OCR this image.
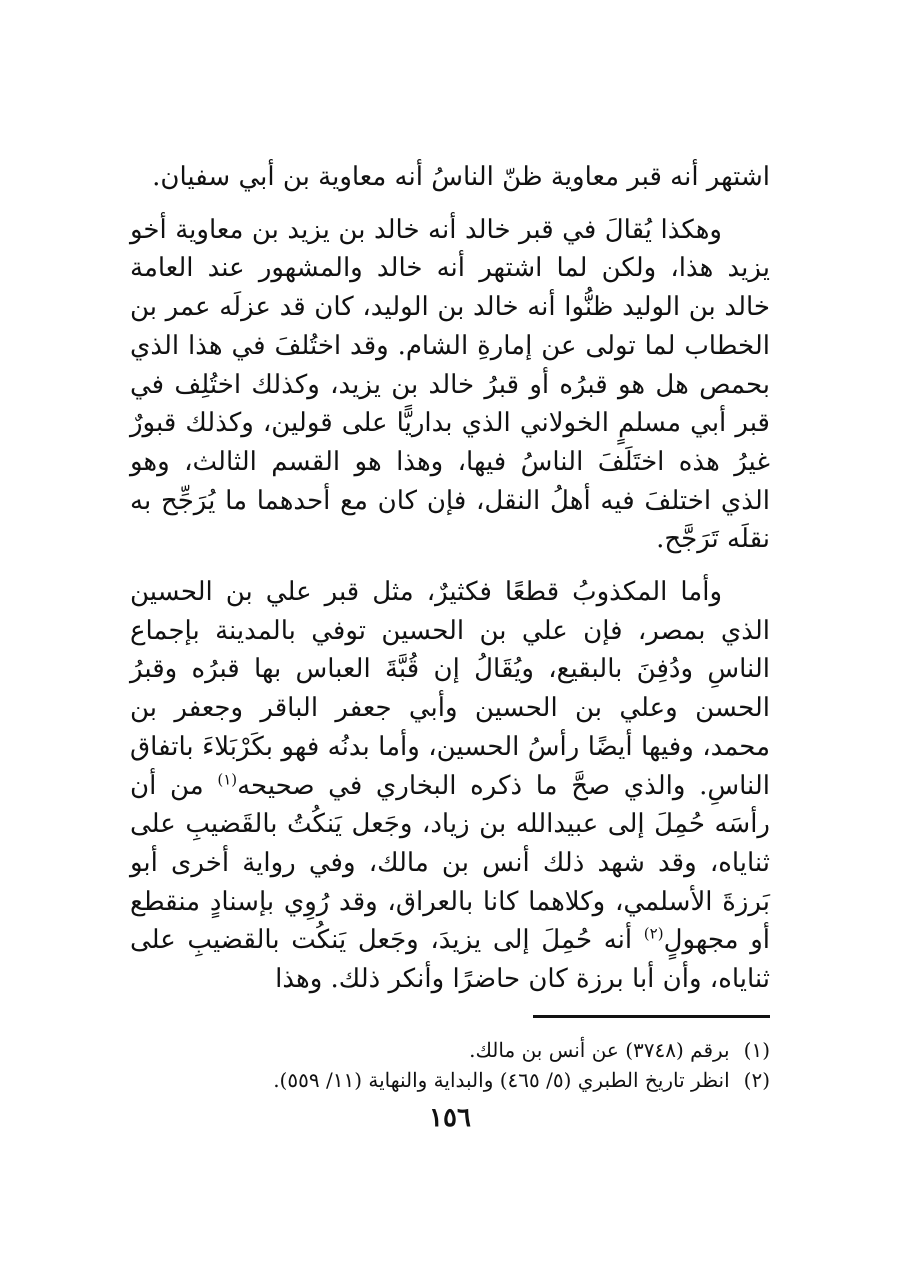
اشتهر أنه قبر معاوية ظنّ الناسُ أنه معاوية بن أبي سفيان.

وهكذا يُقالَ في قبر خالد أنه خالد بن يزيد بن معاوية أخو يزيد هذا، ولكن لما اشتهر أنه خالد والمشهور عند العامة خالد بن الوليد ظنُّوا أنه خالد بن الوليد، كان قد عزلَه عمر بن الخطاب لما تولى عن إمارةِ الشام. وقد اختُلفَ في هذا الذي بحمص هل هو قبرُه أو قبرُ خالد بن يزيد، وكذلك اختُلِف في قبر أبي مسلمٍ الخولاني الذي بداريًّا على قولين، وكذلك قبورٌ غيرُ هذه اختَلَفَ الناسُ فيها، وهذا هو القسم الثالث، وهو الذي اختلفَ فيه أهلُ النقل، فإن كان مع أحدهما ما يُرَجِّح به نقلَه تَرَجَّح.

وأما المكذوبُ قطعًا فكثيرٌ، مثل قبر علي بن الحسين الذي بمصر، فإن علي بن الحسين توفي بالمدينة بإجماع الناسِ ودُفِنَ بالبقيع، ويُقَالُ إن قُبَّةَ العباس بها قبرُه وقبرُ الحسن وعلي بن الحسين وأبي جعفر الباقر وجعفر بن محمد، وفيها أيضًا رأسُ الحسين، وأما بدنُه فهو بكَرْبَلاءَ باتفاق الناسِ. والذي صحَّ ما ذكره البخاري في صحيحه$^{(١)}$ من أن رأسَه حُمِلَ إلى عبيدالله بن زياد، وجَعل يَنكُتُ بالقَضيبِ على ثناياه، وقد شهد ذلك أنس بن مالك، وفي رواية أخرى أبو بَرزةَ الأسلمي، وكلاهما كانا بالعراق، وقد رُوِي بإسنادٍ منقطع أو مجهولٍ$^{(٢)}$ أنه حُمِلَ إلى يزيدَ، وجَعل يَنكُت بالقضيبِ على ثناياه، وأن أبا برزة كان حاضرًا وأنكر ذلك. وهذا

(١)برقم (٣٧٤٨) عن أنس بن مالك.

(٢)انظر تاريخ الطبري (٥/ ٤٦٥) والبداية والنهاية (١١/ ٥٥٩).

١٥٦
